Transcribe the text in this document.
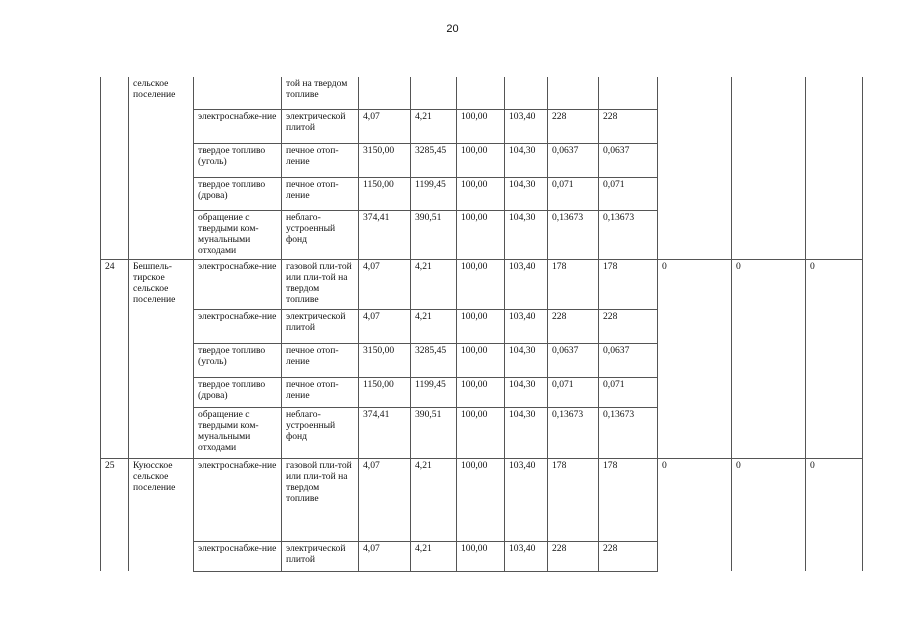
20
	сельское поселение		той на твердом топливе									
		электроснабже-ние	электрической плитой	4,07	4,21	100,00	103,40	228	228			
		твердое топливо (уголь)	печное отоп-ление	3150,00	3285,45	100,00	104,30	0,0637	0,0637			
		твердое топливо (дрова)	печное отоп-ление	1150,00	1199,45	100,00	104,30	0,071	0,071			
		обращение с твердыми ком-мунальными отходами	неблаго-устроенный фонд	374,41	390,51	100,00	104,30	0,13673	0,13673			
24	Бешпель-тирское сельское поселение	электроснабже-ние	газовой пли-той или пли-той на твердом топливе	4,07	4,21	100,00	103,40	178	178	0	0	0
		электроснабже-ние	электрической плитой	4,07	4,21	100,00	103,40	228	228			
		твердое топливо (уголь)	печное отоп-ление	3150,00	3285,45	100,00	104,30	0,0637	0,0637			
		твердое топливо (дрова)	печное отоп-ление	1150,00	1199,45	100,00	104,30	0,071	0,071			
		обращение с твердыми ком-мунальными отходами	неблаго-устроенный фонд	374,41	390,51	100,00	104,30	0,13673	0,13673			
25	Куюсское сельское поселение	электроснабже-ние	газовой пли-той или пли-той на твердом топливе	4,07	4,21	100,00	103,40	178	178	0	0	0
		электроснабже-ние	электрической плитой	4,07	4,21	100,00	103,40	228	228			
